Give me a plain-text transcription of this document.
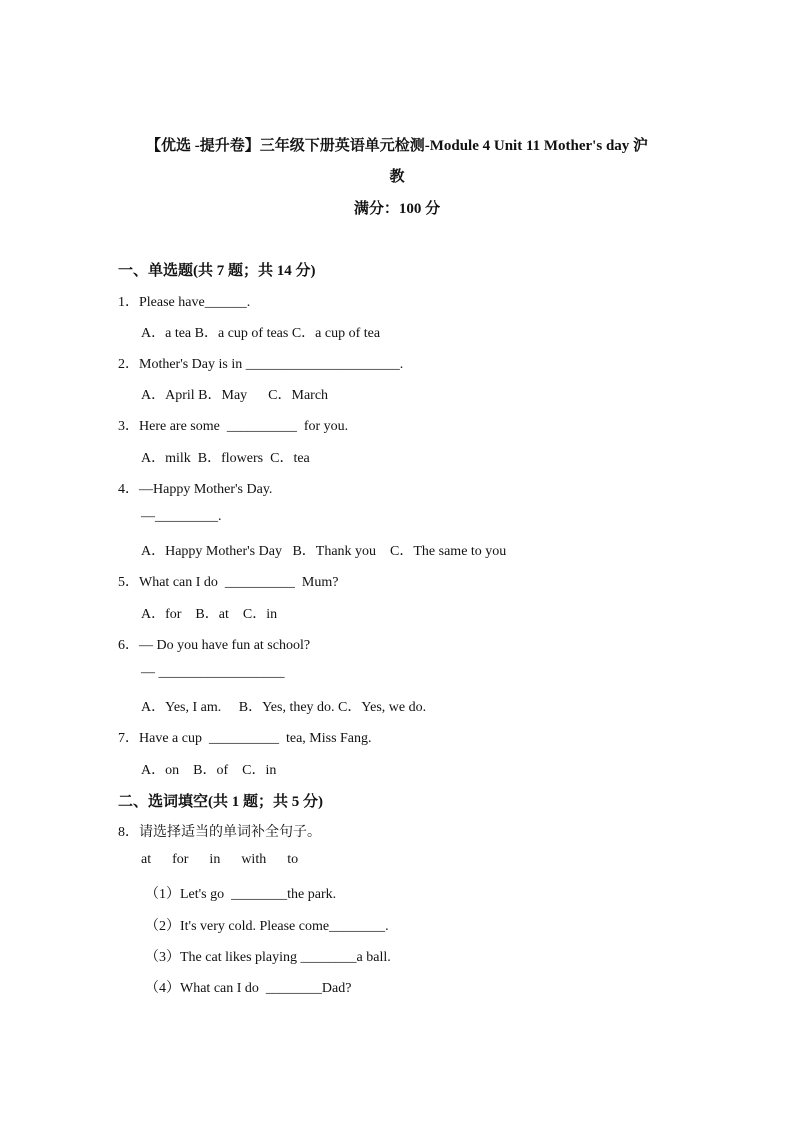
【优选 -提升卷】三年级下册英语单元检测-Module 4 Unit 11 Mother's day 沪
教
满分：100 分
一、单选题(共 7 题；共 14 分)
1．Please have______.
A．a tea B．a cup of teas C．a cup of tea
2．Mother's Day is in ______________________.
A．April B．May      C．March
3．Here are some  __________  for you.
A．milk  B．flowers  C．tea
4．—Happy Mother's Day.
—_________.
A．Happy Mother's Day   B．Thank you    C．The same to you
5．What can I do  __________  Mum?
A．for    B．at    C．in
6．— Do you have fun at school?
— __________________
A．Yes, I am.     B．Yes, they do. C．Yes, we do.
7．Have a cup  __________  tea, Miss Fang.
A．on    B．of    C．in
二、选词填空(共 1 题；共 5 分)
8．请选择适当的单词补全句子。
at      for      in      with      to
（1）Let's go  ________the park.
（2）It's very cold. Please come________.
（3）The cat likes playing ________a ball.
（4）What can I do  ________Dad?
